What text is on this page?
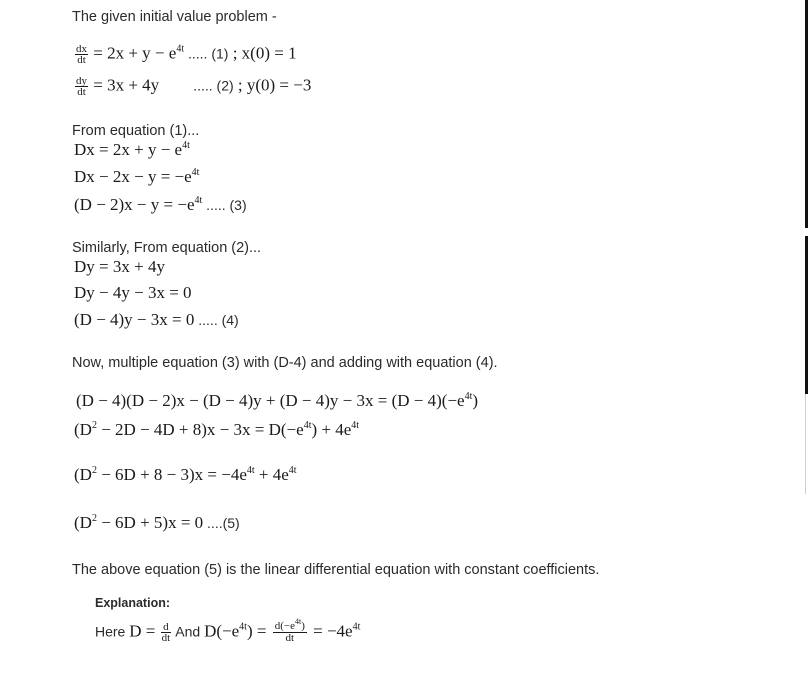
The given initial value problem -
$\frac{dx}{dt} = 2x + y - e^{4t}$ ..... (1) ; x(0) = 1
$\frac{dy}{dt} = 3x + 4y$ ..... (2) ; y(0) = −3
From equation (1)...
$Dx = 2x + y - e^{4t}$
$Dx - 2x - y = -e^{4t}$
$(D - 2)x - y = -e^{4t}$ ..... (3)
Similarly, From equation (2)...
Dy = 3x + 4y
Dy − 4y − 3x = 0
(D − 4)y − 3x = 0 ..... (4)
Now, multiple equation (3) with (D-4) and adding with equation (4).
$(D - 4)(D - 2)x - (D - 4)y + (D - 4)y - 3x = (D - 4)(-e^{4t})$
$(D^2 - 2D - 4D + 8)x - 3x = D(-e^{4t}) + 4e^{4t}$
$(D^2 - 6D + 8 - 3)x = -4e^{4t} + 4e^{4t}$
$(D^2 - 6D + 5)x = 0$ ....(5)
The above equation (5) is the linear differential equation with constant coefficients.
Explanation:
Here $D = \frac{d}{dt}$ And $D(-e^{4t}) = \frac{d(-e^{4t})}{dt} = -4e^{4t}$
